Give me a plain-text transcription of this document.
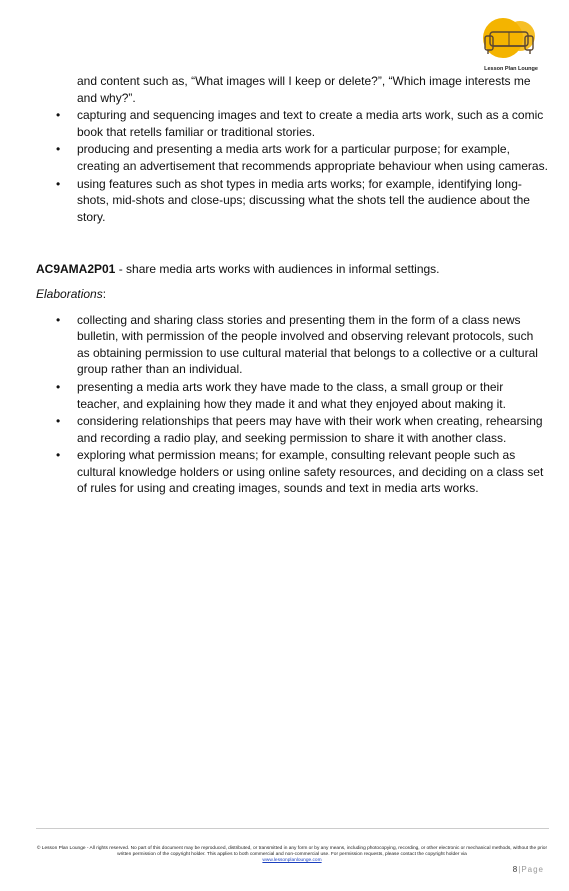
Lesson Plan Lounge
and content such as, “What images will I keep or delete?”, “Which image interests me and why?”.
• capturing and sequencing images and text to create a media arts work, such as a comic book that retells familiar or traditional stories.
• producing and presenting a media arts work for a particular purpose; for example, creating an advertisement that recommends appropriate behaviour when using cameras.
• using features such as shot types in media arts works; for example, identifying long-shots, mid-shots and close-ups; discussing what the shots tell the audience about the story.
AC9AMA2P01 - share media arts works with audiences in informal settings.
Elaborations:
• collecting and sharing class stories and presenting them in the form of a class news bulletin, with permission of the people involved and observing relevant protocols, such as obtaining permission to use cultural material that belongs to a collective or a cultural group rather than an individual.
• presenting a media arts work they have made to the class, a small group or their teacher, and explaining how they made it and what they enjoyed about making it.
• considering relationships that peers may have with their work when creating, rehearsing and recording a radio play, and seeking permission to share it with another class.
• exploring what permission means; for example, consulting relevant people such as cultural knowledge holders or using online safety resources, and deciding on a class set of rules for using and creating images, sounds and text in media arts works.
© Lesson Plan Lounge - All rights reserved. No part of this document may be reproduced, distributed, or transmitted in any form or by any means, including photocopying, recording, or other electronic or mechanical methods, without the prior written permission of the copyright holder. This applies to both commercial and non-commercial use. For permission requests, please contact the copyright holder via
www.lessonplanlounge.com
8|Page
